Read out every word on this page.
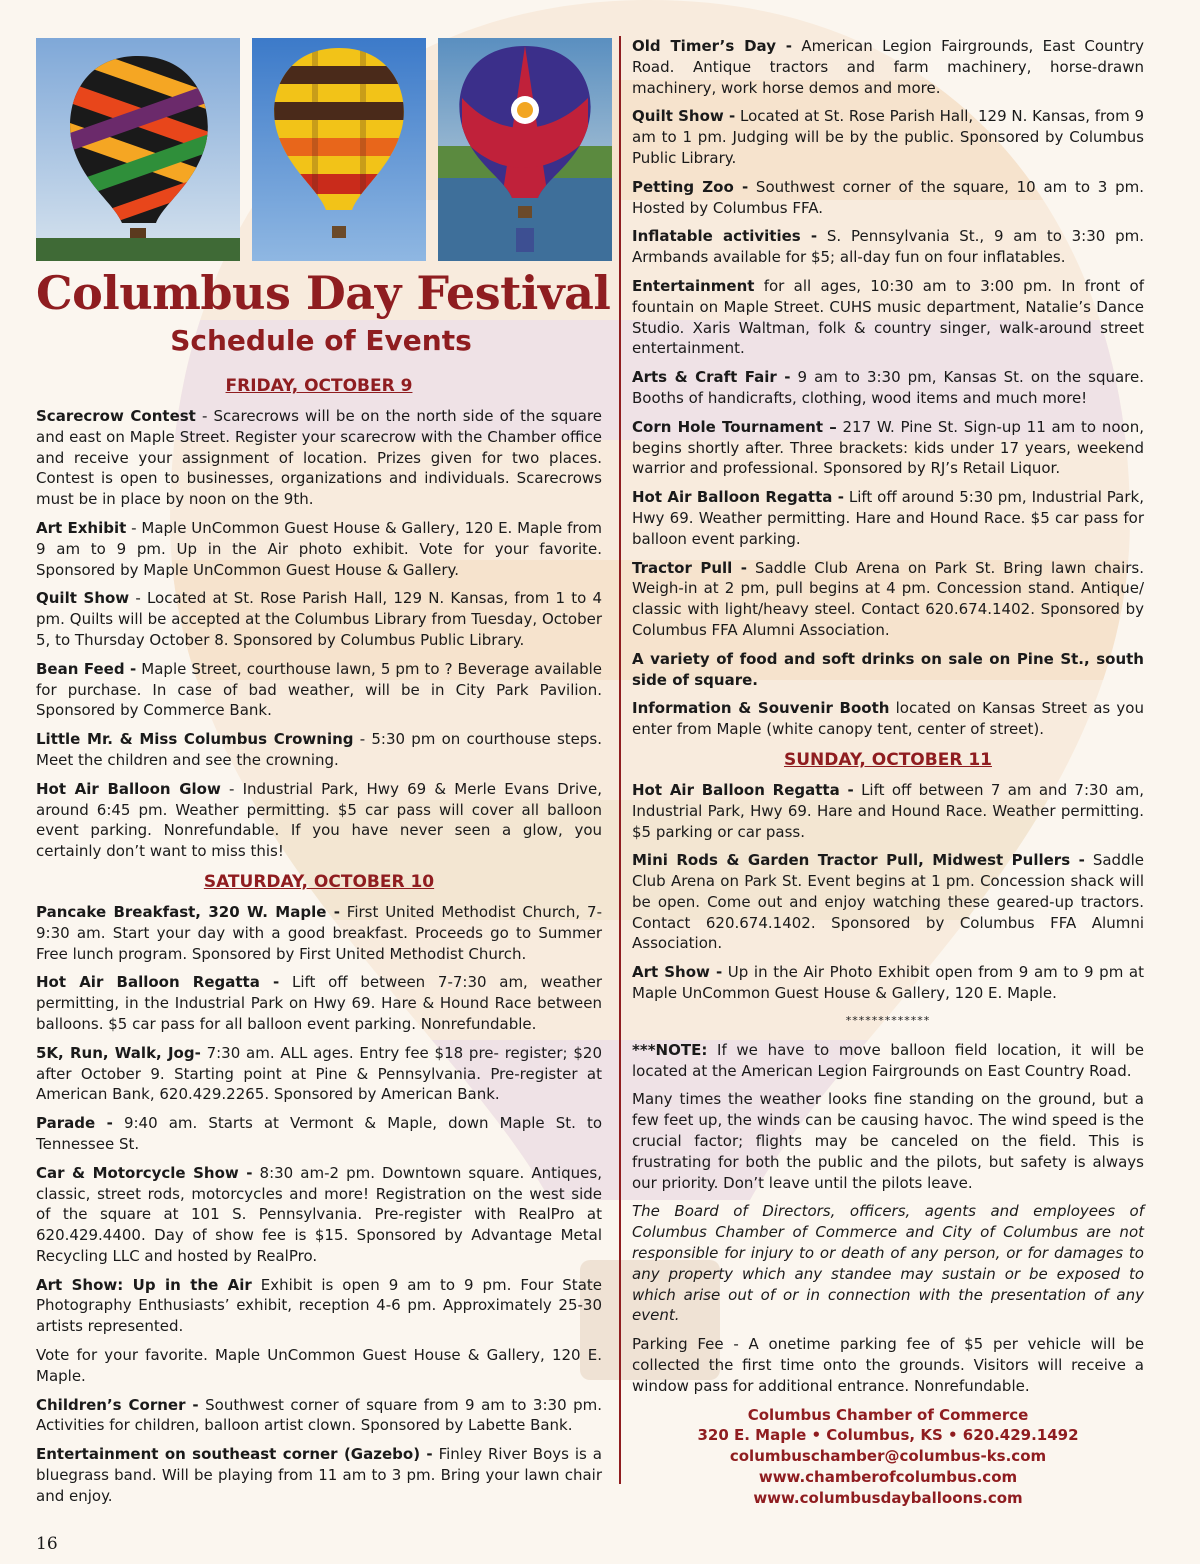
Columbus Day Festival
Schedule of Events
FRIDAY, OCTOBER 9
Scarecrow Contest - Scarecrows will be on the north side of the square and east on Maple Street. Register your scarecrow with the Chamber office and receive your assignment of location. Prizes given for two places. Contest is open to businesses, organizations and individuals. Scarecrows must be in place by noon on the 9th.
Art Exhibit - Maple UnCommon Guest House & Gallery, 120 E. Maple from 9 am to 9 pm. Up in the Air photo exhibit. Vote for your favorite. Sponsored by Maple UnCommon Guest House & Gallery.
Quilt Show - Located at St. Rose Parish Hall, 129 N. Kansas, from 1 to 4 pm. Quilts will be accepted at the Columbus Library from Tuesday, October 5, to Thursday October 8. Sponsored by Columbus Public Library.
Bean Feed - Maple Street, courthouse lawn, 5 pm to ? Beverage available for purchase. In case of bad weather, will be in City Park Pavilion. Sponsored by Commerce Bank.
Little Mr. & Miss Columbus Crowning - 5:30 pm on courthouse steps. Meet the children and see the crowning.
Hot Air Balloon Glow - Industrial Park, Hwy 69 & Merle Evans Drive, around 6:45 pm. Weather permitting. $5 car pass will cover all balloon event parking. Nonrefundable. If you have never seen a glow, you certainly don’t want to miss this!
SATURDAY, OCTOBER 10
Pancake Breakfast, 320 W. Maple - First United Methodist Church, 7-9:30 am. Start your day with a good breakfast. Proceeds go to Summer Free lunch program. Sponsored by First United Methodist Church.
Hot Air Balloon Regatta - Lift off between 7-7:30 am, weather permitting, in the Industrial Park on Hwy 69. Hare & Hound Race between balloons. $5 car pass for all balloon event parking. Nonrefundable.
5K, Run, Walk, Jog- 7:30 am. ALL ages. Entry fee $18 pre- register; $20 after October 9. Starting point at Pine & Pennsylvania. Pre-register at American Bank, 620.429.2265. Sponsored by American Bank.
Parade - 9:40 am. Starts at Vermont & Maple, down Maple St. to Tennessee St.
Car & Motorcycle Show - 8:30 am-2 pm. Downtown square. Antiques, classic, street rods, motorcycles and more! Registration on the west side of the square at 101 S. Pennsylvania. Pre-register with RealPro at 620.429.4400. Day of show fee is $15. Sponsored by Advantage Metal Recycling LLC and hosted by RealPro.
Art Show: Up in the Air Exhibit is open 9 am to 9 pm. Four State Photography Enthusiasts’ exhibit, reception 4-6 pm. Approximately 25-30 artists represented.
Vote for your favorite. Maple UnCommon Guest House & Gallery, 120 E. Maple.
Children’s Corner - Southwest corner of square from 9 am to 3:30 pm. Activities for children, balloon artist clown. Sponsored by Labette Bank.
Entertainment on southeast corner (Gazebo) - Finley River Boys is a bluegrass band. Will be playing from 11 am to 3 pm. Bring your lawn chair and enjoy.
Old Timer’s Day - American Legion Fairgrounds, East Country Road. Antique tractors and farm machinery, horse-drawn machinery, work horse demos and more.
Quilt Show - Located at St. Rose Parish Hall, 129 N. Kansas, from 9 am to 1 pm. Judging will be by the public. Sponsored by Columbus Public Library.
Petting Zoo - Southwest corner of the square, 10 am to 3 pm. Hosted by Columbus FFA.
Inflatable activities - S. Pennsylvania St., 9 am to 3:30 pm. Armbands available for $5; all-day fun on four inflatables.
Entertainment for all ages, 10:30 am to 3:00 pm. In front of fountain on Maple Street. CUHS music department, Natalie’s Dance Studio. Xaris Waltman, folk & country singer, walk-around street entertainment.
Arts & Craft Fair - 9 am to 3:30 pm, Kansas St. on the square. Booths of handicrafts, clothing, wood items and much more!
Corn Hole Tournament – 217 W. Pine St. Sign-up 11 am to noon, begins shortly after. Three brackets: kids under 17 years, weekend warrior and professional. Sponsored by RJ’s Retail Liquor.
Hot Air Balloon Regatta - Lift off around 5:30 pm, Industrial Park, Hwy 69. Weather permitting. Hare and Hound Race. $5 car pass for balloon event parking.
Tractor Pull - Saddle Club Arena on Park St. Bring lawn chairs. Weigh-in at 2 pm, pull begins at 4 pm. Concession stand. Antique/ classic with light/heavy steel. Contact 620.674.1402. Sponsored by Columbus FFA Alumni Association.
A variety of food and soft drinks on sale on Pine St., south side of square.
Information & Souvenir Booth located on Kansas Street as you enter from Maple (white canopy tent, center of street).
SUNDAY, OCTOBER 11
Hot Air Balloon Regatta - Lift off between 7 am and 7:30 am, Industrial Park, Hwy 69. Hare and Hound Race. Weather permitting. $5 parking or car pass.
Mini Rods & Garden Tractor Pull, Midwest Pullers - Saddle Club Arena on Park St. Event begins at 1 pm. Concession shack will be open. Come out and enjoy watching these geared-up tractors. Contact 620.674.1402. Sponsored by Columbus FFA Alumni Association.
Art Show - Up in the Air Photo Exhibit open from 9 am to 9 pm at Maple UnCommon Guest House & Gallery, 120 E. Maple.
*************
***NOTE: If we have to move balloon field location, it will be located at the American Legion Fairgrounds on East Country Road.
Many times the weather looks fine standing on the ground, but a few feet up, the winds can be causing havoc. The wind speed is the crucial factor; flights may be canceled on the field. This is frustrating for both the public and the pilots, but safety is always our priority. Don’t leave until the pilots leave.
The Board of Directors, officers, agents and employees of Columbus Chamber of Commerce and City of Columbus are not responsible for injury to or death of any person, or for damages to any property which any standee may sustain or be exposed to which arise out of or in connection with the presentation of any event.
Parking Fee - A onetime parking fee of $5 per vehicle will be collected the first time onto the grounds. Visitors will receive a window pass for additional entrance. Nonrefundable.
Columbus Chamber of Commerce
320 E. Maple • Columbus, KS • 620.429.1492
columbuschamber@columbus-ks.com
www.chamberofcolumbus.com
www.columbusdayballoons.com
16
